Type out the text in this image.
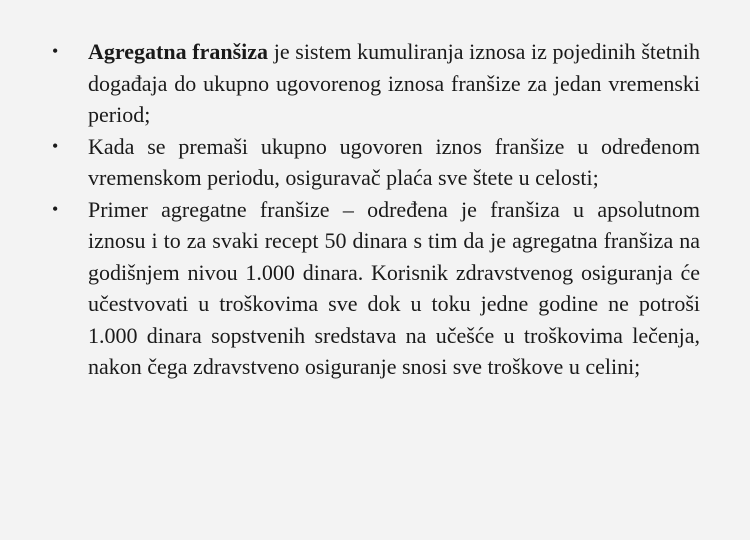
•	Agregatna franšiza je sistem kumuliranja iznosa iz pojedinih štetnih događaja do ukupno ugovorenog iznosa franšize za jedan vremenski period;
•	Kada se premaši ukupno ugovoren iznos franšize u određenom vremenskom periodu, osiguravač plaća sve štete u celosti;
•	Primer agregatne franšize – određena je franšiza u apsolutnom iznosu i to za svaki recept 50 dinara s tim da je agregatna franšiza na godišnjem nivou 1.000 dinara. Korisnik zdravstvenog osiguranja će učestvovati u troškovima sve dok u toku jedne godine ne potroši 1.000 dinara sopstvenih sredstava na učešće u troškovima lečenja, nakon čega zdravstveno osiguranje snosi sve troškove u celini;
